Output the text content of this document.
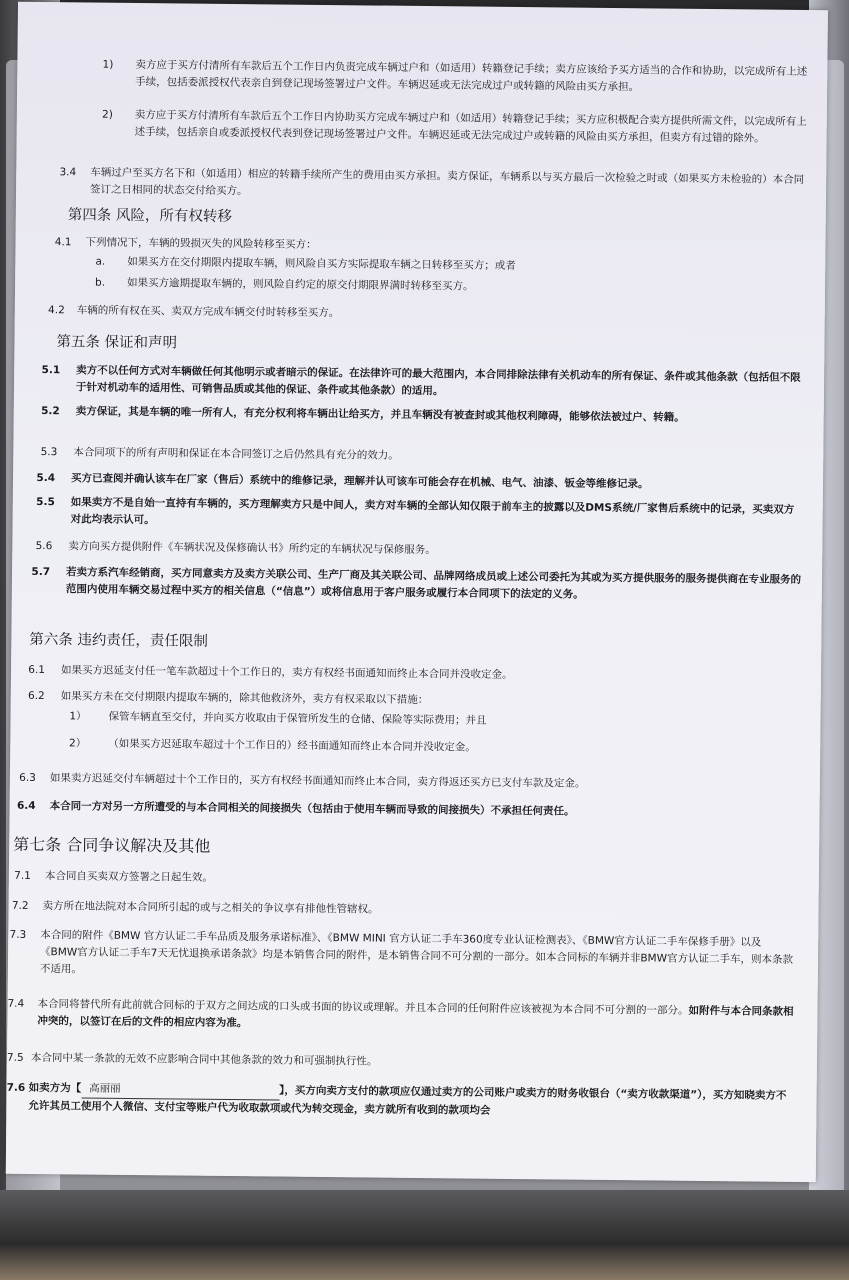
1)	卖方应于买方付清所有车款后五个工作日内负责完成车辆过户和（如适用）转籍登记手续；卖方应该给予买方适当的合作和协助，以完成所有上述手续，包括委派授权代表亲自到登记现场签署过户文件。车辆迟延或无法完成过户或转籍的风险由买方承担。
2)	卖方应于买方付清所有车款后五个工作日内协助买方完成车辆过户和（如适用）转籍登记手续；买方应积极配合卖方提供所需文件，以完成所有上述手续，包括亲自或委派授权代表到登记现场签署过户文件。车辆迟延或无法完成过户或转籍的风险由买方承担，但卖方有过错的除外。
3.4	车辆过户至买方名下和（如适用）相应的转籍手续所产生的费用由买方承担。卖方保证，车辆系以与买方最后一次检验之时或（如果买方未检验的）本合同签订之日相同的状态交付给买方。
第四条 风险，所有权转移
4.1	下列情况下，车辆的毁损灭失的风险转移至买方：
a.	如果买方在交付期限内提取车辆，则风险自买方实际提取车辆之日转移至买方；或者
b.	如果买方逾期提取车辆的，则风险自约定的原交付期限界满时转移至买方。
4.2	车辆的所有权在买、卖双方完成车辆交付时转移至买方。
第五条 保证和声明
5.1	卖方不以任何方式对车辆做任何其他明示或者暗示的保证。在法律许可的最大范围内，本合同排除法律有关机动车的所有保证、条件或其他条款（包括但不限于针对机动车的适用性、可销售品质或其他的保证、条件或其他条款）的适用。
5.2	卖方保证，其是车辆的唯一所有人，有充分权利将车辆出让给买方，并且车辆没有被查封或其他权利障碍，能够依法被过户、转籍。
5.3	本合同项下的所有声明和保证在本合同签订之后仍然具有充分的效力。
5.4	买方已查阅并确认该车在厂家（售后）系统中的维修记录，理解并认可该车可能会存在机械、电气、油漆、钣金等维修记录。
5.5	如果卖方不是自始一直持有车辆的，买方理解卖方只是中间人，卖方对车辆的全部认知仅限于前车主的披露以及DMS系统/厂家售后系统中的记录，买卖双方对此均表示认可。
5.6	卖方向买方提供附件《车辆状况及保修确认书》所约定的车辆状况与保修服务。
5.7	若卖方系汽车经销商，买方同意卖方及卖方关联公司、生产厂商及其关联公司、品牌网络成员或上述公司委托为其或为买方提供服务的服务提供商在专业服务的范围内使用车辆交易过程中买方的相关信息（“信息”）或将信息用于客户服务或履行本合同项下的法定的义务。
第六条 违约责任，责任限制
6.1	如果买方迟延支付任一笔车款超过十个工作日的，卖方有权经书面通知而终止本合同并没收定金。
6.2	如果买方未在交付期限内提取车辆的，除其他救济外，卖方有权采取以下措施：
1）	保管车辆直至交付，并向买方收取由于保管所发生的仓储、保险等实际费用；并且
2）	（如果买方迟延取车超过十个工作日的）经书面通知而终止本合同并没收定金。
6.3	如果卖方迟延交付车辆超过十个工作日的，买方有权经书面通知而终止本合同，卖方得返还买方已支付车款及定金。
6.4	本合同一方对另一方所遭受的与本合同相关的间接损失（包括由于使用车辆而导致的间接损失）不承担任何责任。
第七条 合同争议解决及其他
7.1	本合同自买卖双方签署之日起生效。
7.2	卖方所在地法院对本合同所引起的或与之相关的争议享有排他性管辖权。
7.3	本合同的附件《BMW 官方认证二手车品质及服务承诺标准》、《BMW MINI 官方认证二手车360度专业认证检测表》、《BMW官方认证二手车保修手册》以及《BMW官方认证二手车7天无忧退换承诺条款》均是本销售合同的附件，是本销售合同不可分割的一部分。如本合同标的车辆并非BMW官方认证二手车，则本条款不适用。
7.4	本合同将替代所有此前就合同标的于双方之间达成的口头或书面的协议或理解。并且本合同的任何附件应该被视为本合同不可分割的一部分。如附件与本合同条款相冲突的，以签订在后的文件的相应内容为准。
7.5 本合同中某一条款的无效不应影响合同中其他条款的效力和可强制执行性。
7.6 如卖方为【 高丽丽	】，买方向卖方支付的款项应仅通过卖方的公司账户或卖方的财务收银台（“卖方收款渠道”），买方知晓卖方不允许其员工使用个人微信、支付宝等账户代为收取款项或代为转交现金，卖方就所有收到的款项均会
